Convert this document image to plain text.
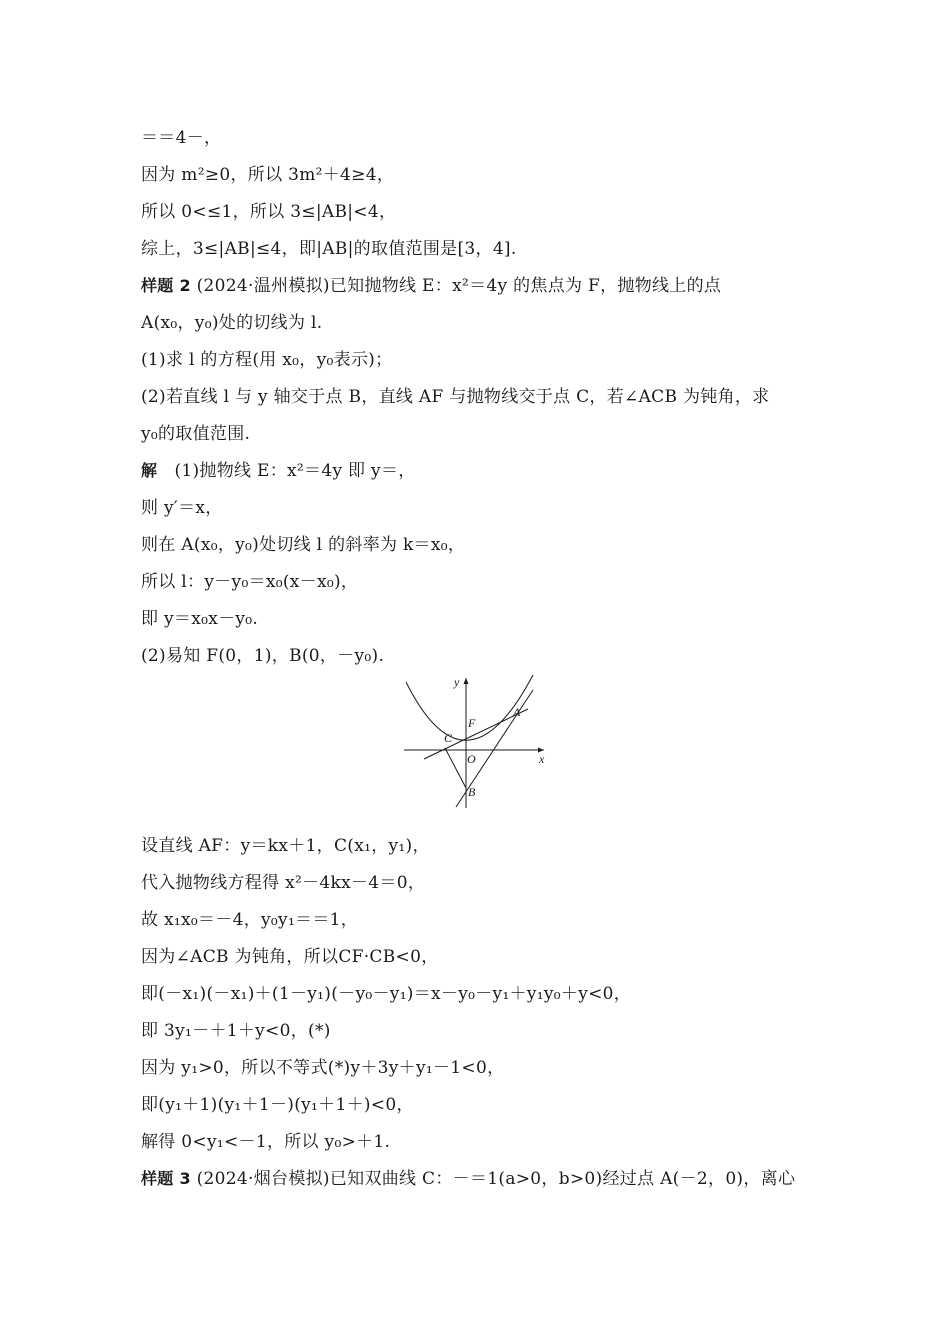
＝＝4－，
因为 m²≥0，所以 3m²＋4≥4，
所以 0<≤1，所以 3≤|AB|<4，
综上，3≤|AB|≤4，即|AB|的取值范围是[3，4].
样题 2 (2024·温州模拟)已知抛物线 E：x²＝4y 的焦点为 F，抛物线上的点
A(x₀，y₀)处的切线为 l.
(1)求 l 的方程(用 x₀，y₀表示)；
(2)若直线 l 与 y 轴交于点 B，直线 AF 与抛物线交于点 C，若∠ACB 为钝角，求
y₀的取值范围.
解 (1)抛物线 E：x²＝4y 即 y＝，
则 y′＝x，
则在 A(x₀，y₀)处切线 l 的斜率为 k＝x₀，
所以 l：y－y₀＝x₀(x－x₀)，
即 y＝x₀x－y₀.
(2)易知 F(0，1)，B(0，－y₀).
y
x
A
F
C
O
B
设直线 AF：y＝kx＋1，C(x₁，y₁)，
代入抛物线方程得 x²－4kx－4＝0，
故 x₁x₀＝－4，y₀y₁＝＝1，
因为∠ACB 为钝角，所以CF·CB<0，
即(－x₁)(－x₁)＋(1－y₁)(－y₀－y₁)＝x－y₀－y₁＋y₁y₀＋y<0，
即 3y₁－＋1＋y<0，(*)
因为 y₁>0，所以不等式(*)y＋3y＋y₁－1<0，
即(y₁＋1)(y₁＋1－)(y₁＋1＋)<0，
解得 0<y₁<－1，所以 y₀>＋1.
样题 3 (2024·烟台模拟)已知双曲线 C：－＝1(a>0，b>0)经过点 A(－2，0)，离心
